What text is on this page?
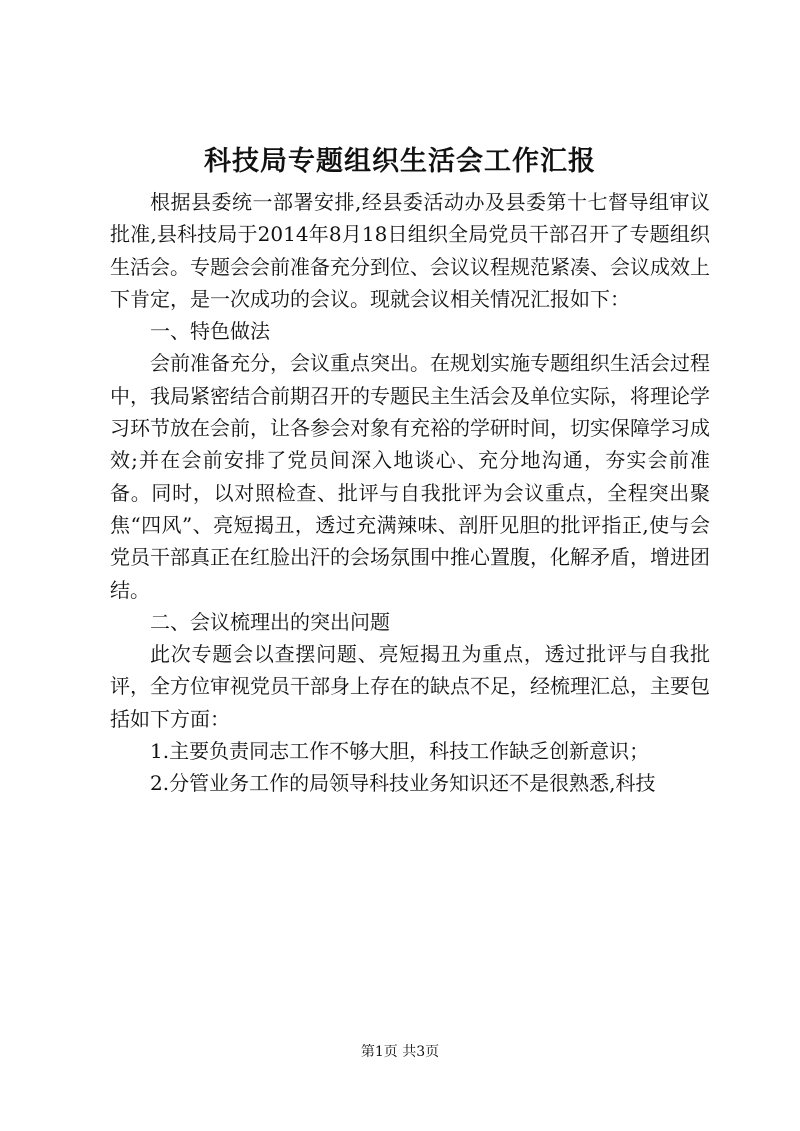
科技局专题组织生活会工作汇报

根据县委统一部署安排,经县委活动办及县委第十七督导组审议批准,县科技局于2014年8月18日组织全局党员干部召开了专题组织生活会。专题会会前准备充分到位、会议议程规范紧凑、会议成效上下肯定，是一次成功的会议。现就会议相关情况汇报如下：

一、特色做法

会前准备充分，会议重点突出。在规划实施专题组织生活会过程中，我局紧密结合前期召开的专题民主生活会及单位实际，将理论学习环节放在会前，让各参会对象有充裕的学研时间，切实保障学习成效;并在会前安排了党员间深入地谈心、充分地沟通，夯实会前准备。同时，以对照检查、批评与自我批评为会议重点，全程突出聚焦“四风”、亮短揭丑，透过充满辣味、剖肝见胆的批评指正,使与会党员干部真正在红脸出汗的会场氛围中推心置腹，化解矛盾，增进团结。

二、会议梳理出的突出问题

此次专题会以查摆问题、亮短揭丑为重点，透过批评与自我批评，全方位审视党员干部身上存在的缺点不足，经梳理汇总，主要包括如下方面：

1.主要负责同志工作不够大胆，科技工作缺乏创新意识；

2.分管业务工作的局领导科技业务知识还不是很熟悉,科技

第1页 共3页
